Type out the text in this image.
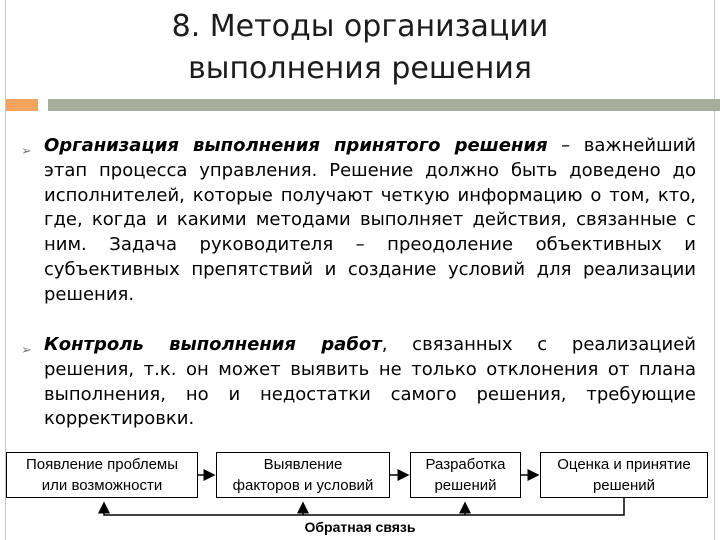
8. Методы организации
выполнения решения
➢ Организация выполнения принятого решения – важнейший этап процесса управления. Решение должно быть доведено до исполнителей, которые получают четкую информацию о том, кто, где, когда и какими методами выполняет действия, связанные с ним. Задача руководителя – преодоление объективных и субъективных препятствий и создание условий для реализации решения.
➢ Контроль выполнения работ, связанных с реализацией решения, т.к. он может выявить не только отклонения от плана выполнения, но и недостатки самого решения, требующие корректировки.
Появление проблемы
или возможности
Выявление
факторов и условий
Разработка
решений
Оценка и принятие
решений
Обратная связь
